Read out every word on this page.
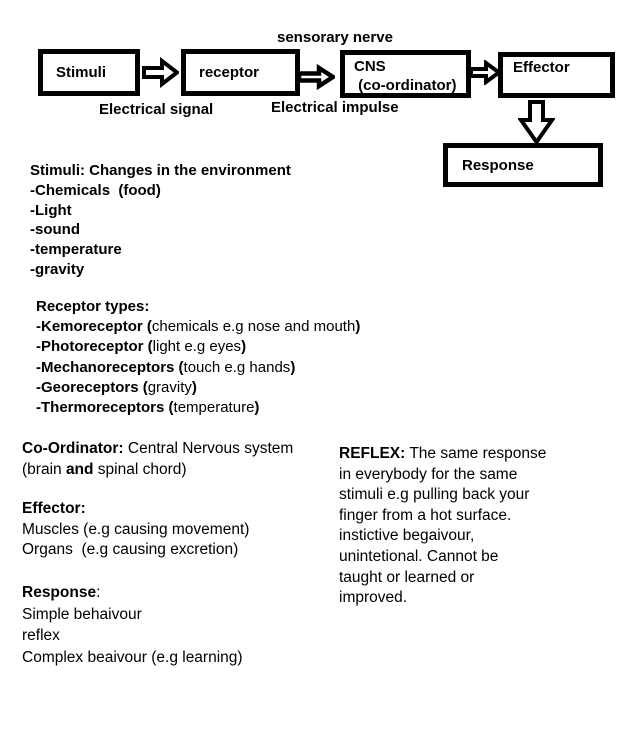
sensorary nerve
Stimuli	receptor	CNS
(co-ordinator)
Effector
Response
Electrical signal	Electrical impulse
Stimuli: Changes in the environment
-Chemicals  (food)
-Light
-sound
-temperature
-gravity
Receptor types:
-Kemoreceptor (chemicals e.g nose and mouth)
-Photoreceptor (light e.g eyes)
-Mechanoreceptors (touch e.g hands)
-Georeceptors (gravity)
-Thermoreceptors (temperature)
Co-Ordinator: Central Nervous system
(brain and spinal chord)
Effector:
Muscles (e.g causing movement)
Organs  (e.g causing excretion)
Response:
Simple behaivour
reflex
Complex beaivour (e.g learning)
REFLEX: The same response
in everybody for the same
stimuli e.g pulling back your
finger from a hot surface.
instictive begaivour,
unintetional. Cannot be
taught or learned or
improved.
